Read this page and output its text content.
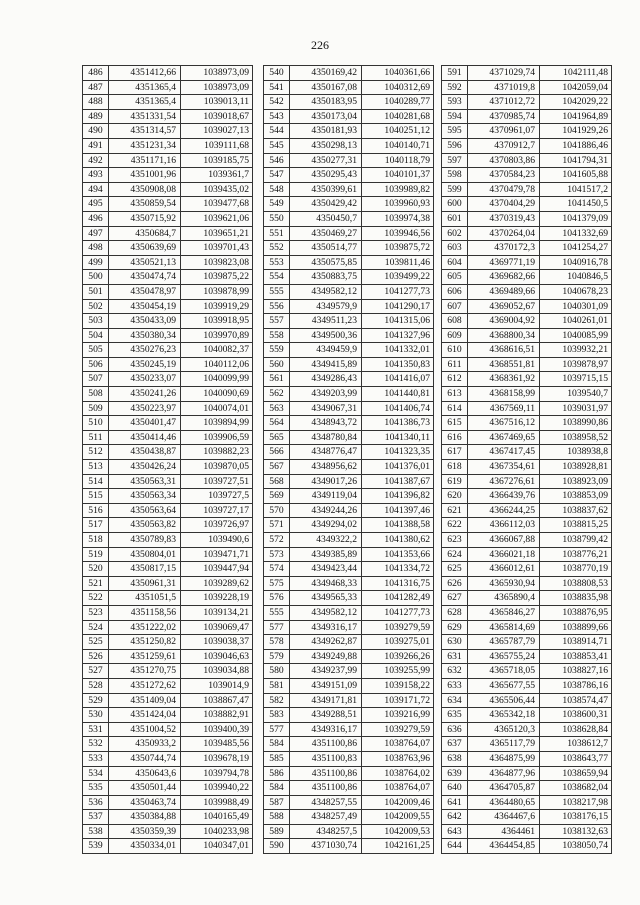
226
486	4351412,66	1038973,09
487	4351365,4	1038973,09
488	4351365,4	1039013,11
489	4351331,54	1039018,67
490	4351314,57	1039027,13
491	4351231,34	1039111,68
492	4351171,16	1039185,75
493	4351001,96	1039361,7
494	4350908,08	1039435,02
495	4350859,54	1039477,68
496	4350715,92	1039621,06
497	4350684,7	1039651,21
498	4350639,69	1039701,43
499	4350521,13	1039823,08
500	4350474,74	1039875,22
501	4350478,97	1039878,99
502	4350454,19	1039919,29
503	4350433,09	1039918,95
504	4350380,34	1039970,89
505	4350276,23	1040082,37
506	4350245,19	1040112,06
507	4350233,07	1040099,99
508	4350241,26	1040090,69
509	4350223,97	1040074,01
510	4350401,47	1039894,99
511	4350414,46	1039906,59
512	4350438,87	1039882,23
513	4350426,24	1039870,05
514	4350563,31	1039727,51
515	4350563,34	1039727,5
516	4350563,64	1039727,17
517	4350563,82	1039726,97
518	4350789,83	1039490,6
519	4350804,01	1039471,71
520	4350817,15	1039447,94
521	4350961,31	1039289,62
522	4351051,5	1039228,19
523	4351158,56	1039134,21
524	4351222,02	1039069,47
525	4351250,82	1039038,37
526	4351259,61	1039046,63
527	4351270,75	1039034,88
528	4351272,62	1039014,9
529	4351409,04	1038867,47
530	4351424,04	1038882,91
531	4351004,52	1039400,39
532	4350933,2	1039485,56
533	4350744,74	1039678,19
534	4350643,6	1039794,78
535	4350501,44	1039940,22
536	4350463,74	1039988,49
537	4350384,88	1040165,49
538	4350359,39	1040233,98
539	4350334,01	1040347,01
540	4350169,42	1040361,66
541	4350167,08	1040312,69
542	4350183,95	1040289,77
543	4350173,04	1040281,68
544	4350181,93	1040251,12
545	4350298,13	1040140,71
546	4350277,31	1040118,79
547	4350295,43	1040101,37
548	4350399,61	1039989,82
549	4350429,42	1039960,93
550	4350450,7	1039974,38
551	4350469,27	1039946,56
552	4350514,77	1039875,72
553	4350575,85	1039811,46
554	4350883,75	1039499,22
555	4349582,12	1041277,73
556	4349579,9	1041290,17
557	4349511,23	1041315,06
558	4349500,36	1041327,96
559	4349459,9	1041332,01
560	4349415,89	1041350,83
561	4349286,43	1041416,07
562	4349203,99	1041440,81
563	4349067,31	1041406,74
564	4348943,72	1041386,73
565	4348780,84	1041340,11
566	4348776,47	1041323,35
567	4348956,62	1041376,01
568	4349017,26	1041387,67
569	4349119,04	1041396,82
570	4349244,26	1041397,46
571	4349294,02	1041388,58
572	4349322,2	1041380,62
573	4349385,89	1041353,66
574	4349423,44	1041334,72
575	4349468,33	1041316,75
576	4349565,33	1041282,49
555	4349582,12	1041277,73
577	4349316,17	1039279,59
578	4349262,87	1039275,01
579	4349249,88	1039266,26
580	4349237,99	1039255,99
581	4349151,09	1039158,22
582	4349171,81	1039171,72
583	4349288,51	1039216,99
577	4349316,17	1039279,59
584	4351100,86	1038764,07
585	4351100,83	1038763,96
586	4351100,86	1038764,02
584	4351100,86	1038764,07
587	4348257,55	1042009,46
588	4348257,49	1042009,55
589	4348257,5	1042009,53
590	4371030,74	1042161,25
591	4371029,74	1042111,48
592	4371019,8	1042059,04
593	4371012,72	1042029,22
594	4370985,74	1041964,89
595	4370961,07	1041929,26
596	4370912,7	1041886,46
597	4370803,86	1041794,31
598	4370584,23	1041605,88
599	4370479,78	1041517,2
600	4370404,29	1041450,5
601	4370319,43	1041379,09
602	4370264,04	1041332,69
603	4370172,3	1041254,27
604	4369771,19	1040916,78
605	4369682,66	1040846,5
606	4369489,66	1040678,23
607	4369052,67	1040301,09
608	4369004,92	1040261,01
609	4368800,34	1040085,99
610	4368616,51	1039932,21
611	4368551,81	1039878,97
612	4368361,92	1039715,15
613	4368158,99	1039540,7
614	4367569,11	1039031,97
615	4367516,12	1038990,86
616	4367469,65	1038958,52
617	4367417,45	1038938,8
618	4367354,61	1038928,81
619	4367276,61	1038923,09
620	4366439,76	1038853,09
621	4366244,25	1038837,62
622	4366112,03	1038815,25
623	4366067,88	1038799,42
624	4366021,18	1038776,21
625	4366012,61	1038770,19
626	4365930,94	1038808,53
627	4365890,4	1038835,98
628	4365846,27	1038876,95
629	4365814,69	1038899,66
630	4365787,79	1038914,71
631	4365755,24	1038853,41
632	4365718,05	1038827,16
633	4365677,55	1038786,16
634	4365506,44	1038574,47
635	4365342,18	1038600,31
636	4365120,3	1038628,84
637	4365117,79	1038612,7
638	4364875,99	1038643,77
639	4364877,96	1038659,94
640	4364705,87	1038682,04
641	4364480,65	1038217,98
642	4364467,6	1038176,15
643	4364461	1038132,63
644	4364454,85	1038050,74
